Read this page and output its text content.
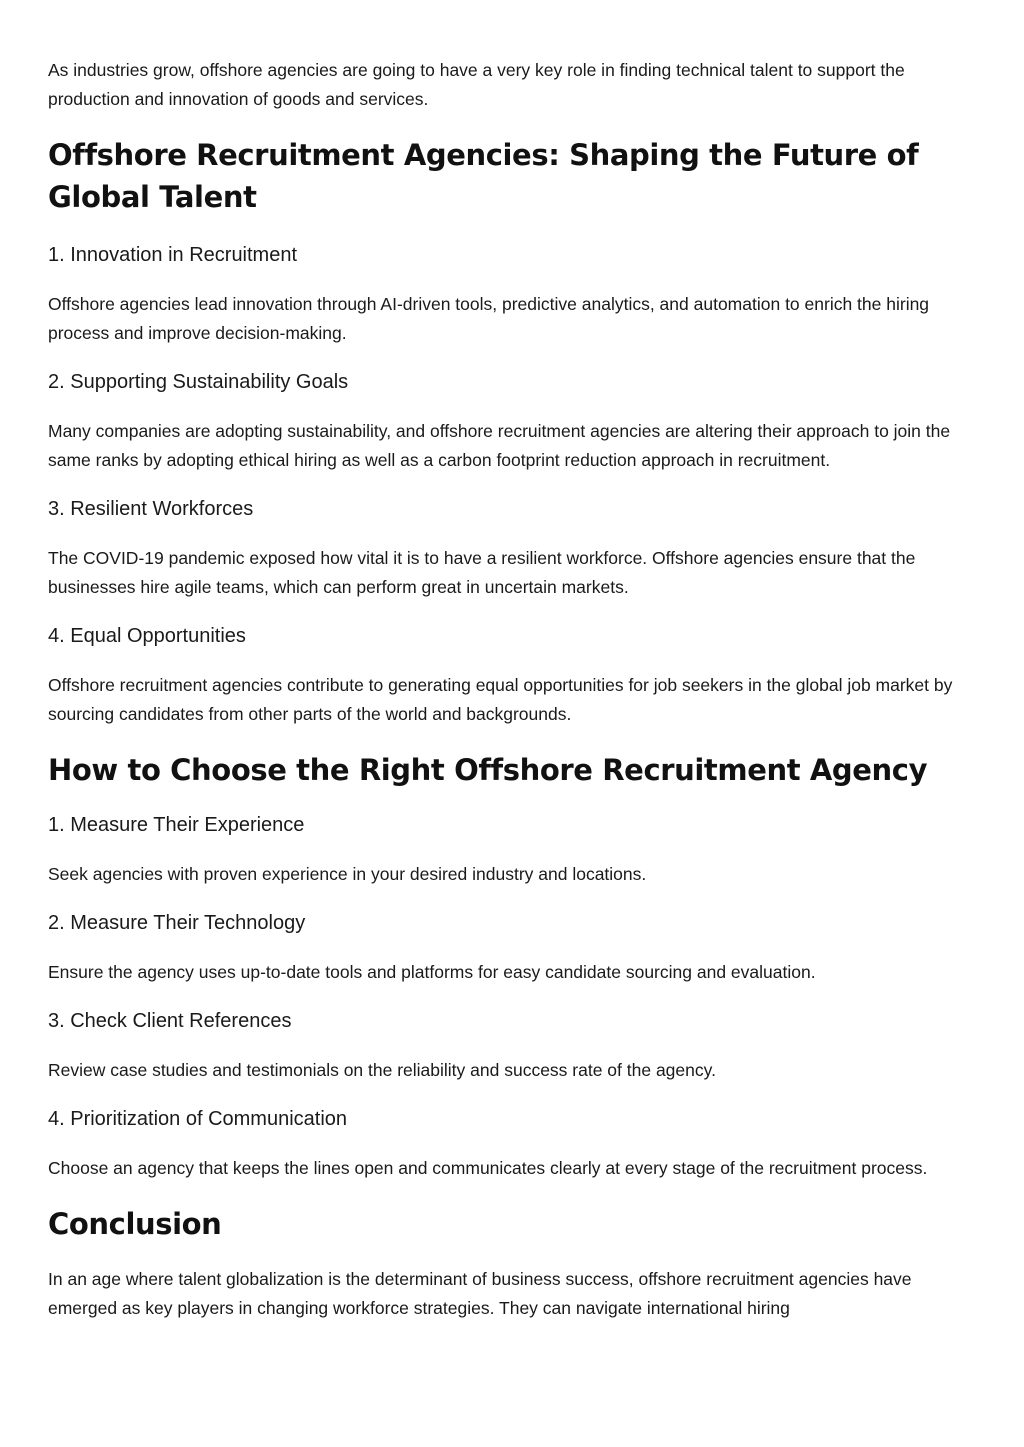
As industries grow, offshore agencies are going to have a very key role in finding technical talent to support the production and innovation of goods and services.

Offshore Recruitment Agencies: Shaping the Future of Global Talent
1. Innovation in Recruitment

Offshore agencies lead innovation through AI-driven tools, predictive analytics, and automation to enrich the hiring process and improve decision-making.

2. Supporting Sustainability Goals

Many companies are adopting sustainability, and offshore recruitment agencies are altering their approach to join the same ranks by adopting ethical hiring as well as a carbon footprint reduction approach in recruitment.

3. Resilient Workforces

The COVID-19 pandemic exposed how vital it is to have a resilient workforce. Offshore agencies ensure that the businesses hire agile teams, which can perform great in uncertain markets.

4. Equal Opportunities

Offshore recruitment agencies contribute to generating equal opportunities for job seekers in the global job market by sourcing candidates from other parts of the world and backgrounds.

How to Choose the Right Offshore Recruitment Agency
1. Measure Their Experience

Seek agencies with proven experience in your desired industry and locations.

2. Measure Their Technology

Ensure the agency uses up-to-date tools and platforms for easy candidate sourcing and evaluation.

3. Check Client References

Review case studies and testimonials on the reliability and success rate of the agency.

4. Prioritization of Communication

Choose an agency that keeps the lines open and communicates clearly at every stage of the recruitment process.

Conclusion

In an age where talent globalization is the determinant of business success, offshore recruitment agencies have emerged as key players in changing workforce strategies. They can navigate international hiring
